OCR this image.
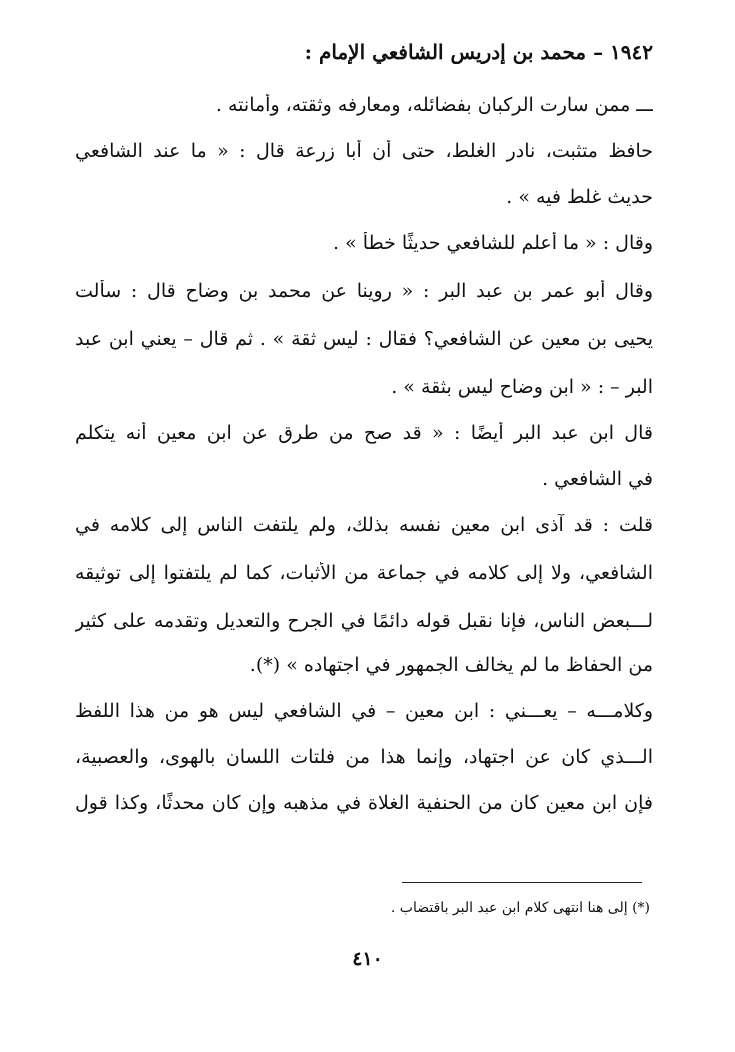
١٩٤٢ – محمد بن إدريس الشافعي الإمام :
ـــ ممن سارت الركبان بفضائله، ومعارفه وثقته، وأمانته .
حافظ متثبت، نادر الغلط، حتى أن أبا زرعة قال : « ما عند الشافعي
حديث غلط فيه » .
وقال : « ما أعلم للشافعي حديثًا خطأ » .
وقال أبو عمر بن عبد البر : « روينا عن محمد بن وضاح قال : سألت
يحيى بن معين عن الشافعي؟ فقال : ليس ثقة » . ثم قال – يعني ابن عبد
البر – : « ابن وضاح ليس بثقة » .
قال ابن عبد البر أيضًا : « قد صح من طرق عن ابن معين أنه يتكلم
في الشافعي .
قلت : قد آذى ابن معين نفسه بذلك، ولم يلتفت الناس إلى كلامه في
الشافعي، ولا إلى كلامه في جماعة من الأثبات، كما لم يلتفتوا إلى توثيقه
لـــبعض الناس، فإنا نقبل قوله دائمًا في الجرح والتعديل وتقدمه على كثير
من الحفاظ ما لم يخالف الجمهور في اجتهاده » (*).
وكلامـــه – يعـــني : ابن معين – في الشافعي ليس هو من هذا اللفظ
الـــذي كان عن اجتهاد، وإنما هذا من فلتات اللسان بالهوى، والعصبية،
فإن ابن معين كان من الحنفية الغلاة في مذهبه وإن كان محدثًا، وكذا قول
(*) إلى هنا انتهى كلام ابن عبد البر باقتضاب .
٤١٠
